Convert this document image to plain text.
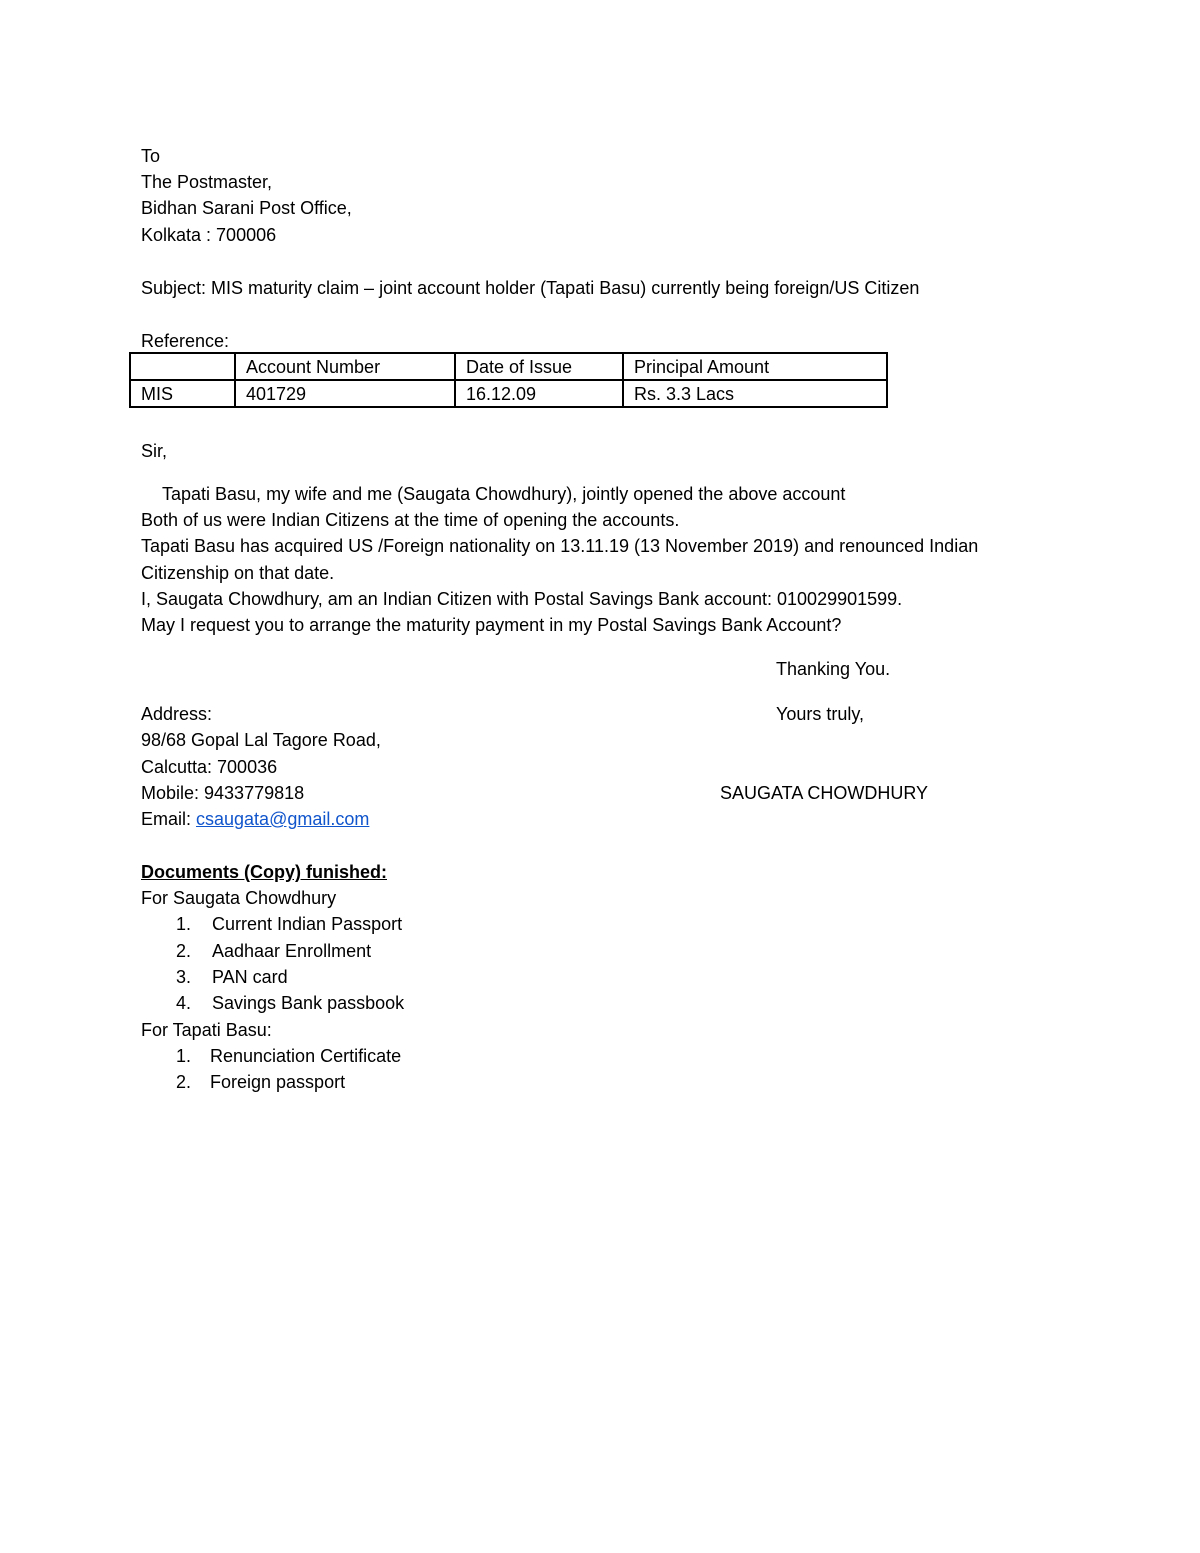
To
The Postmaster,
Bidhan Sarani Post Office,
Kolkata : 700006
Subject: MIS maturity claim – joint account holder (Tapati Basu) currently being foreign/US Citizen
Reference:
	Account Number	Date of Issue	Principal Amount
MIS	401729	16.12.09	Rs. 3.3 Lacs
Sir,
Tapati Basu, my wife and me (Saugata Chowdhury), jointly opened the above account
Both of us were Indian Citizens at the time of opening the accounts.
Tapati Basu has acquired US /Foreign nationality on 13.11.19 (13 November 2019) and renounced Indian
Citizenship on that date.
I, Saugata Chowdhury, am an Indian Citizen with Postal Savings Bank account: 010029901599.
May I request you to arrange the maturity payment in my Postal Savings Bank Account?
Thanking You.
Yours truly,
SAUGATA CHOWDHURY
Address:
98/68 Gopal Lal Tagore Road,
Calcutta: 700036
Mobile: 9433779818
Email: csaugata@gmail.com
Documents (Copy) funished:
For Saugata Chowdhury
1. Current Indian Passport
2. Aadhaar Enrollment
3. PAN card
4. Savings Bank passbook
For Tapati Basu:
1. Renunciation Certificate
2. Foreign passport
